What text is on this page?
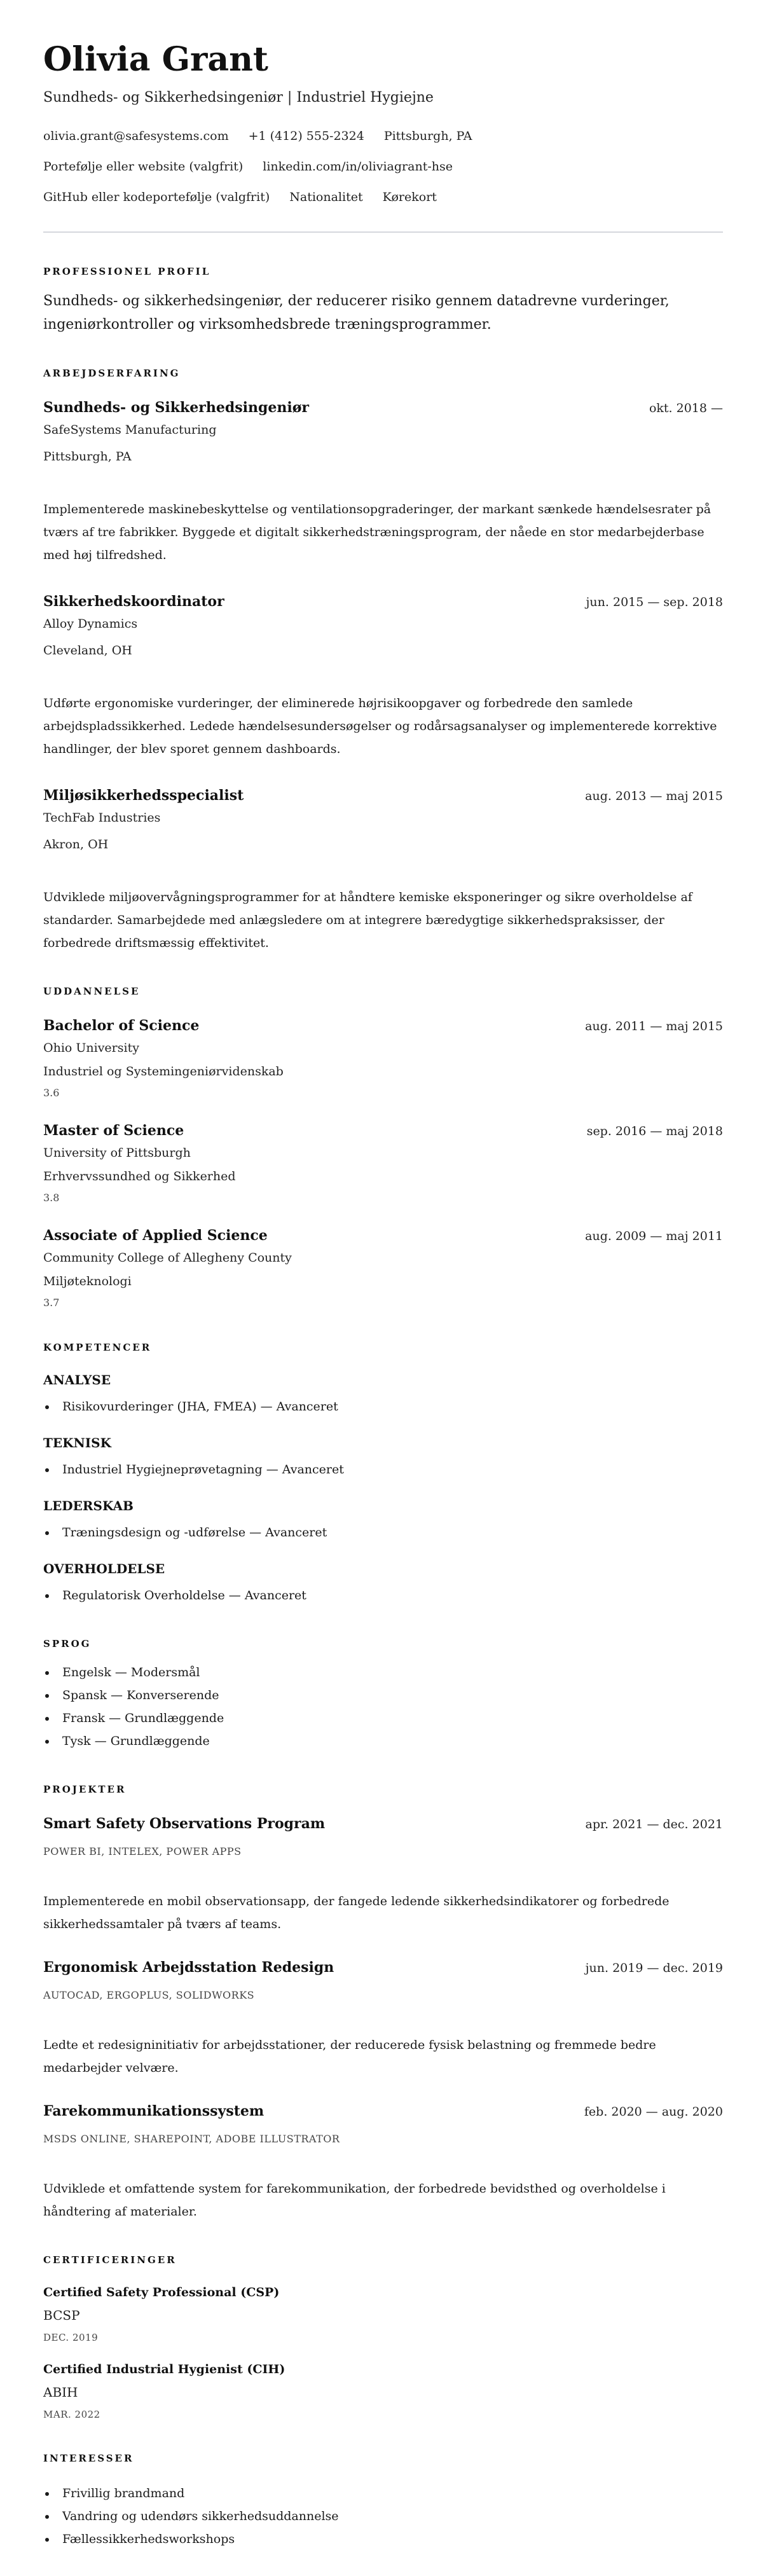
Olivia Grant
Sundheds- og Sikkerhedsingeniør | Industriel Hygiejne
olivia.grant@safesystems.com +1 (412) 555-2324 Pittsburgh, PA
Portefølje eller website (valgfrit) linkedin.com/in/oliviagrant-hse
GitHub eller kodeportefølje (valgfrit) Nationalitet Kørekort
PROFESSIONEL PROFIL
Sundheds- og sikkerhedsingeniør, der reducerer risiko gennem datadrevne vurderinger, ingeniørkontroller og virksomhedsbrede træningsprogrammer.
ARBEJDSERFARING
Sundheds- og Sikkerhedsingeniør	okt. 2018 —
SafeSystems Manufacturing
Pittsburgh, PA
Implementerede maskinebeskyttelse og ventilationsopgraderinger, der markant sænkede hændelsesrater på tværs af tre fabrikker. Byggede et digitalt sikkerhedstræningsprogram, der nåede en stor medarbejderbase med høj tilfredshed.
Sikkerhedskoordinator	jun. 2015 — sep. 2018
Alloy Dynamics
Cleveland, OH
Udførte ergonomiske vurderinger, der eliminerede højrisikoopgaver og forbedrede den samlede arbejdspladssikkerhed. Ledede hændelsesundersøgelser og rodårsagsanalyser og implementerede korrektive handlinger, der blev sporet gennem dashboards.
Miljøsikkerhedsspecialist	aug. 2013 — maj 2015
TechFab Industries
Akron, OH
Udviklede miljøovervågningsprogrammer for at håndtere kemiske eksponeringer og sikre overholdelse af standarder. Samarbejdede med anlægsledere om at integrere bæredygtige sikkerhedspraksisser, der forbedrede driftsmæssig effektivitet.
UDDANNELSE
Bachelor of Science	aug. 2011 — maj 2015
Ohio University
Industriel og Systemingeniørvidenskab
3.6
Master of Science	sep. 2016 — maj 2018
University of Pittsburgh
Erhvervssundhed og Sikkerhed
3.8
Associate of Applied Science	aug. 2009 — maj 2011
Community College of Allegheny County
Miljøteknologi
3.7
KOMPETENCER
ANALYSE
Risikovurderinger (JHA, FMEA) — Avanceret
TEKNISK
Industriel Hygiejneprøvetagning — Avanceret
LEDERSKAB
Træningsdesign og -udførelse — Avanceret
OVERHOLDELSE
Regulatorisk Overholdelse — Avanceret
SPROG
Engelsk — Modersmål
Spansk — Konverserende
Fransk — Grundlæggende
Tysk — Grundlæggende
PROJEKTER
Smart Safety Observations Program	apr. 2021 — dec. 2021
POWER BI, INTELEX, POWER APPS
Implementerede en mobil observationsapp, der fangede ledende sikkerhedsindikatorer og forbedrede sikkerhedssamtaler på tværs af teams.
Ergonomisk Arbejdsstation Redesign	jun. 2019 — dec. 2019
AUTOCAD, ERGOPLUS, SOLIDWORKS
Ledte et redesigninitiativ for arbejdsstationer, der reducerede fysisk belastning og fremmede bedre medarbejder velvære.
Farekommunikationssystem	feb. 2020 — aug. 2020
MSDS ONLINE, SHAREPOINT, ADOBE ILLUSTRATOR
Udviklede et omfattende system for farekommunikation, der forbedrede bevidsthed og overholdelse i håndtering af materialer.
CERTIFICERINGER
Certified Safety Professional (CSP)
BCSP
DEC. 2019
Certified Industrial Hygienist (CIH)
ABIH
MAR. 2022
INTERESSER
Frivillig brandmand
Vandring og udendørs sikkerhedsuddannelse
Fællessikkerhedsworkshops
